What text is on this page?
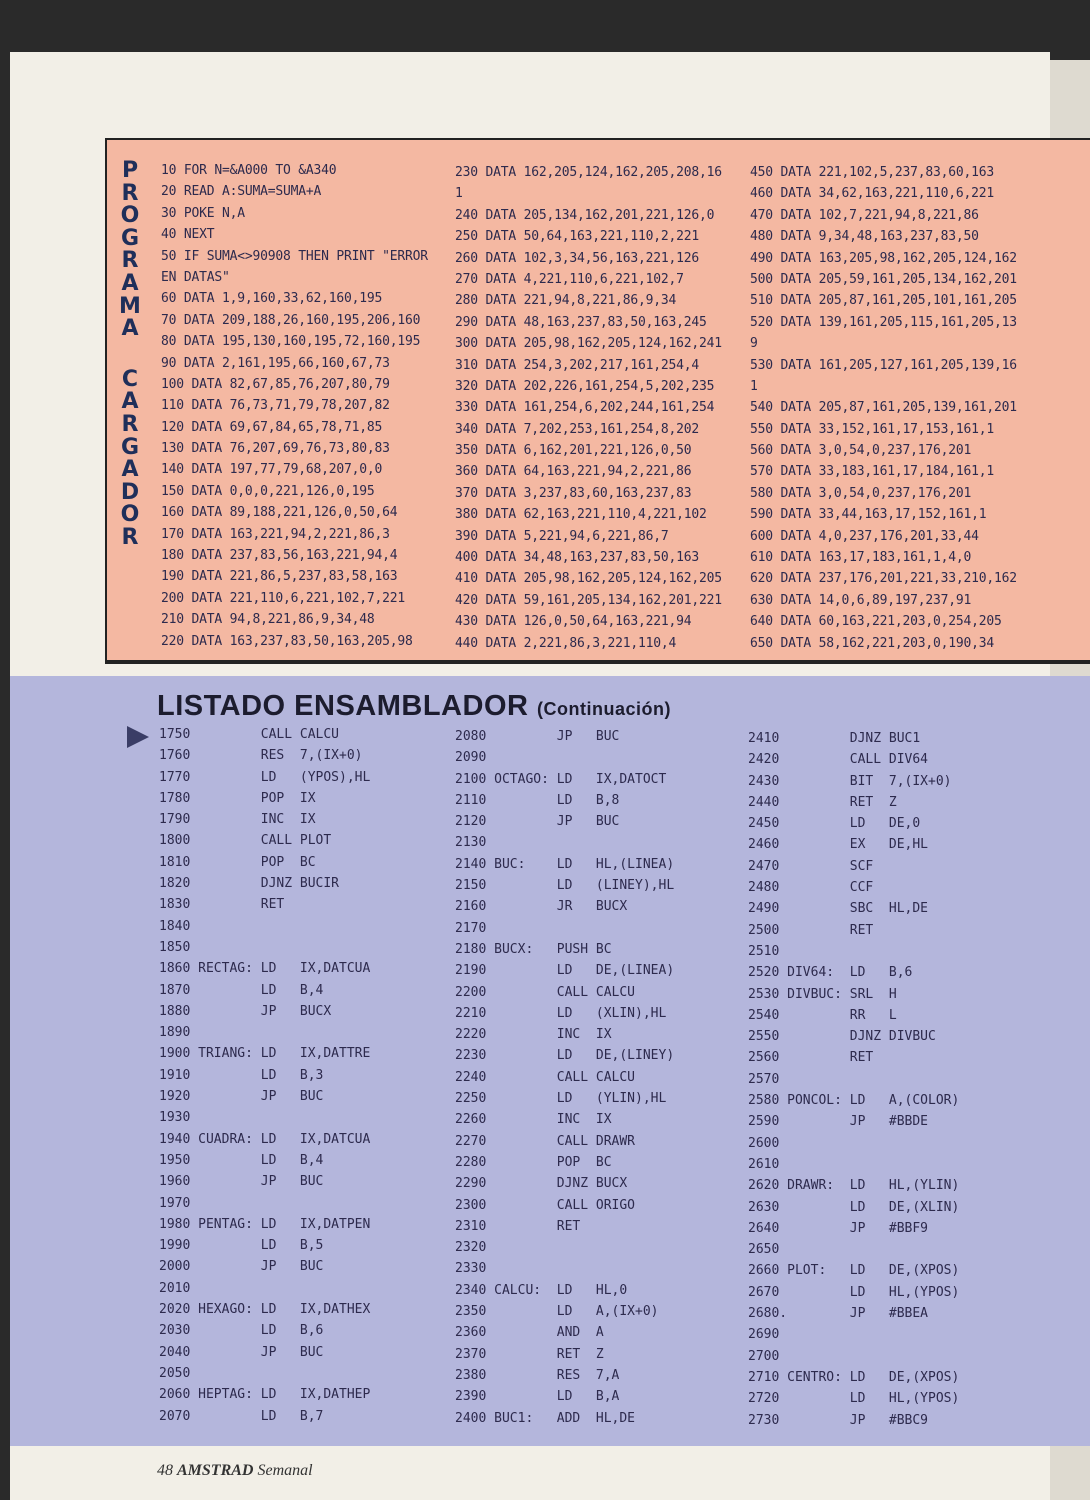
P
R
O
G
R
A
M
A
C
A
R
G
A
D
O
R
10 FOR N=&A000 TO &A340
20 READ A:SUMA=SUMA+A
30 POKE N,A
40 NEXT
50 IF SUMA<>90908 THEN PRINT "ERROR
EN DATAS"
60 DATA 1,9,160,33,62,160,195
70 DATA 209,188,26,160,195,206,160
80 DATA 195,130,160,195,72,160,195
90 DATA 2,161,195,66,160,67,73
100 DATA 82,67,85,76,207,80,79
110 DATA 76,73,71,79,78,207,82
120 DATA 69,67,84,65,78,71,85
130 DATA 76,207,69,76,73,80,83
140 DATA 197,77,79,68,207,0,0
150 DATA 0,0,0,221,126,0,195
160 DATA 89,188,221,126,0,50,64
170 DATA 163,221,94,2,221,86,3
180 DATA 237,83,56,163,221,94,4
190 DATA 221,86,5,237,83,58,163
200 DATA 221,110,6,221,102,7,221
210 DATA 94,8,221,86,9,34,48
220 DATA 163,237,83,50,163,205,98
230 DATA 162,205,124,162,205,208,16
1
240 DATA 205,134,162,201,221,126,0
250 DATA 50,64,163,221,110,2,221
260 DATA 102,3,34,56,163,221,126
270 DATA 4,221,110,6,221,102,7
280 DATA 221,94,8,221,86,9,34
290 DATA 48,163,237,83,50,163,245
300 DATA 205,98,162,205,124,162,241
310 DATA 254,3,202,217,161,254,4
320 DATA 202,226,161,254,5,202,235
330 DATA 161,254,6,202,244,161,254
340 DATA 7,202,253,161,254,8,202
350 DATA 6,162,201,221,126,0,50
360 DATA 64,163,221,94,2,221,86
370 DATA 3,237,83,60,163,237,83
380 DATA 62,163,221,110,4,221,102
390 DATA 5,221,94,6,221,86,7
400 DATA 34,48,163,237,83,50,163
410 DATA 205,98,162,205,124,162,205
420 DATA 59,161,205,134,162,201,221
430 DATA 126,0,50,64,163,221,94
440 DATA 2,221,86,3,221,110,4
450 DATA 221,102,5,237,83,60,163
460 DATA 34,62,163,221,110,6,221
470 DATA 102,7,221,94,8,221,86
480 DATA 9,34,48,163,237,83,50
490 DATA 163,205,98,162,205,124,162
500 DATA 205,59,161,205,134,162,201
510 DATA 205,87,161,205,101,161,205
520 DATA 139,161,205,115,161,205,13
9
530 DATA 161,205,127,161,205,139,16
1
540 DATA 205,87,161,205,139,161,201
550 DATA 33,152,161,17,153,161,1
560 DATA 3,0,54,0,237,176,201
570 DATA 33,183,161,17,184,161,1
580 DATA 3,0,54,0,237,176,201
590 DATA 33,44,163,17,152,161,1
600 DATA 4,0,237,176,201,33,44
610 DATA 163,17,183,161,1,4,0
620 DATA 237,176,201,221,33,210,162
630 DATA 14,0,6,89,197,237,91
640 DATA 60,163,221,203,0,254,205
650 DATA 58,162,221,203,0,190,34
LISTADO ENSAMBLADOR (Continuación)
1750         CALL CALCU
1760         RES  7,(IX+0)
1770         LD   (YPOS),HL
1780         POP  IX
1790         INC  IX
1800         CALL PLOT
1810         POP  BC
1820         DJNZ BUCIR
1830         RET
1840
1850
1860 RECTAG: LD   IX,DATCUA
1870         LD   B,4
1880         JP   BUCX
1890
1900 TRIANG: LD   IX,DATTRE
1910         LD   B,3
1920         JP   BUC
1930
1940 CUADRA: LD   IX,DATCUA
1950         LD   B,4
1960         JP   BUC
1970
1980 PENTAG: LD   IX,DATPEN
1990         LD   B,5
2000         JP   BUC
2010
2020 HEXAGO: LD   IX,DATHEX
2030         LD   B,6
2040         JP   BUC
2050
2060 HEPTAG: LD   IX,DATHEP
2070         LD   B,7
2080         JP   BUC
2090
2100 OCTAGO: LD   IX,DATOCT
2110         LD   B,8
2120         JP   BUC
2130
2140 BUC:    LD   HL,(LINEA)
2150         LD   (LINEY),HL
2160         JR   BUCX
2170
2180 BUCX:   PUSH BC
2190         LD   DE,(LINEA)
2200         CALL CALCU
2210         LD   (XLIN),HL
2220         INC  IX
2230         LD   DE,(LINEY)
2240         CALL CALCU
2250         LD   (YLIN),HL
2260         INC  IX
2270         CALL DRAWR
2280         POP  BC
2290         DJNZ BUCX
2300         CALL ORIGO
2310         RET
2320
2330
2340 CALCU:  LD   HL,0
2350         LD   A,(IX+0)
2360         AND  A
2370         RET  Z
2380         RES  7,A
2390         LD   B,A
2400 BUC1:   ADD  HL,DE
2410         DJNZ BUC1
2420         CALL DIV64
2430         BIT  7,(IX+0)
2440         RET  Z
2450         LD   DE,0
2460         EX   DE,HL
2470         SCF
2480         CCF
2490         SBC  HL,DE
2500         RET
2510
2520 DIV64:  LD   B,6
2530 DIVBUC: SRL  H
2540         RR   L
2550         DJNZ DIVBUC
2560         RET
2570
2580 PONCOL: LD   A,(COLOR)
2590         JP   #BBDE
2600
2610
2620 DRAWR:  LD   HL,(YLIN)
2630         LD   DE,(XLIN)
2640         JP   #BBF9
2650
2660 PLOT:   LD   DE,(XPOS)
2670         LD   HL,(YPOS)
2680.        JP   #BBEA
2690
2700
2710 CENTRO: LD   DE,(XPOS)
2720         LD   HL,(YPOS)
2730         JP   #BBC9
48 AMSTRAD Semanal
